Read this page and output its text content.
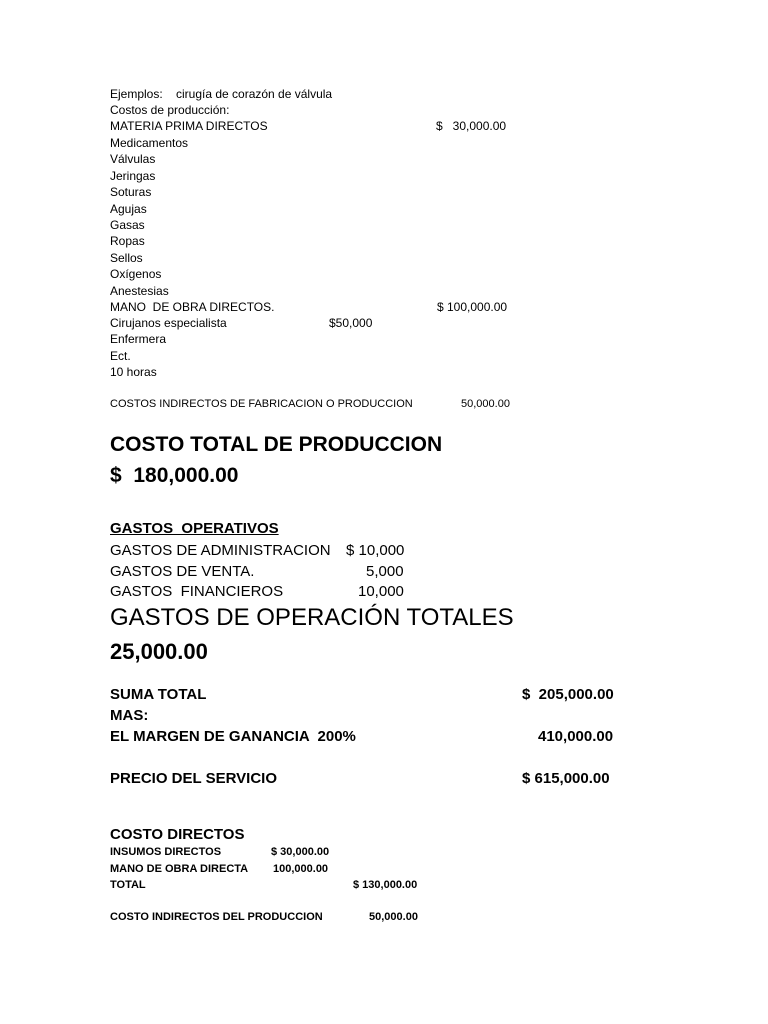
Ejemplos: cirugía de corazón de válvula
Costos de producción:
MATERIA PRIMA DIRECTOS	$   30,000.00
Medicamentos
Válvulas
Jeringas
Soturas
Agujas
Gasas
Ropas
Sellos
Oxígenos
Anestesias
MANO  DE OBRA DIRECTOS.	$ 100,000.00
Cirujanos especialista	$50,000
Enfermera
Ect.
10 horas
COSTOS INDIRECTOS DE FABRICACION O PRODUCCION	50,000.00
COSTO TOTAL DE PRODUCCION
$  180,000.00
GASTOS  OPERATIVOS
GASTOS DE ADMINISTRACION $ 10,000
GASTOS DE VENTA.	5,000
GASTOS  FINANCIEROS	10,000
GASTOS DE OPERACIÓN TOTALES
25,000.00
SUMA TOTAL	$  205,000.00
MAS:
EL MARGEN DE GANANCIA  200%	410,000.00
PRECIO DEL SERVICIO	$ 615,000.00
COSTO DIRECTOS
INSUMOS DIRECTOS	$ 30,000.00
MANO DE OBRA DIRECTA 100,000.00
TOTAL	$ 130,000.00
COSTO INDIRECTOS DEL PRODUCCION	50,000.00
